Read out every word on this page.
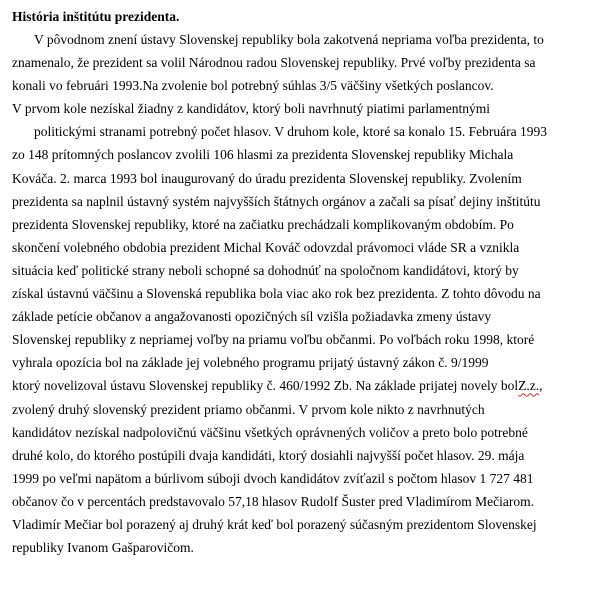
História inštitútu prezidenta.
V pôvodnom znení ústavy Slovenskej republiky bola zakotvená nepriama voľba prezidenta, to
znamenalo, že prezident sa volil Národnou radou Slovenskej republiky. Prvé voľby prezidenta sa
konali vo februári 1993.Na zvolenie bol potrebný súhlas 3/5 väčšiny všetkých poslancov.
V prvom kole nezískal žiadny z kandidátov, ktorý boli navrhnutý piatimi parlamentnými
politickými stranami potrebný počet hlasov. V druhom kole, ktoré sa konalo 15. Februára 1993
zo 148 prítomných poslancov zvolili 106 hlasmi za prezidenta Slovenskej republiky Michala
Kováča. 2. marca 1993 bol inaugurovaný do úradu prezidenta Slovenskej republiky. Zvolením
prezidenta sa naplnil ústavný systém najvyšších štátnych orgánov a začali sa písať dejiny inštitútu
prezidenta Slovenskej republiky, ktoré na začiatku prechádzali komplikovaným obdobím. Po
skončení volebného obdobia prezident Michal Kováč odovzdal právomoci vláde SR a vznikla
situácia keď politické strany neboli schopné sa dohodnúť na spoločnom kandidátovi, ktorý by
získal ústavnú väčšinu a Slovenská republika bola viac ako rok bez prezidenta. Z tohto dôvodu na
základe petície občanov a angažovanosti opozičných síl vzišla požiadavka zmeny ústavy
Slovenskej republiky z nepriamej voľby na priamu voľbu občanmi. Po voľbách roku 1998, ktoré
vyhrala opozícia bol na základe jej volebného programu prijatý ústavný zákon č. 9/1999
ktorý novelizoval ústavu Slovenskej republiky č. 460/1992 Zb. Na základe prijatej novely bolZ.z.,
zvolený druhý slovenský prezident priamo občanmi. V prvom kole nikto z navrhnutých
kandidátov nezískal nadpolovičnú väčšinu všetkých oprávnených voličov a preto bolo potrebné
druhé kolo, do ktorého postúpili dvaja kandidáti, ktorý dosiahli najvyšší počet hlasov. 29. mája
1999 po veľmi napätom a búrlivom súboji dvoch kandidátov zvíťazil s počtom hlasov 1 727 481
občanov čo v percentách predstavovalo 57,18 hlasov Rudolf Šuster pred Vladimírom Mečiarom.
Vladimír Mečiar bol porazený aj druhý krát keď bol porazený súčasným prezidentom Slovenskej
republiky Ivanom Gašparovičom.
